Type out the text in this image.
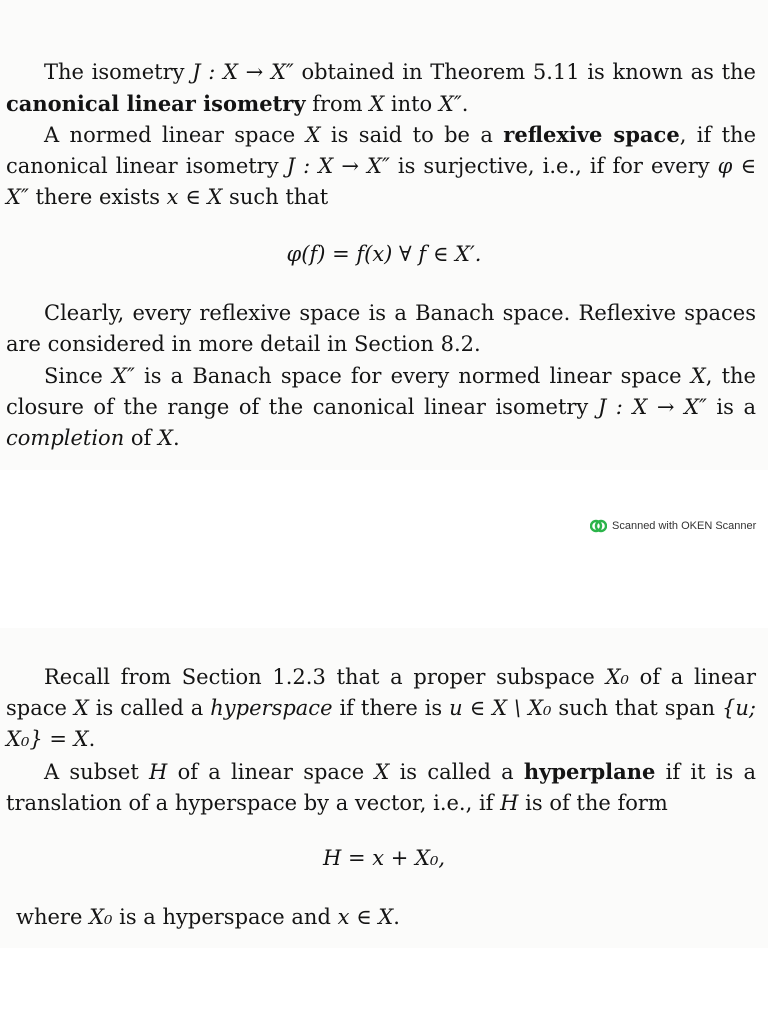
The isometry J : X → X″ obtained in Theorem 5.11 is known as the canonical linear isometry from X into X″.

A normed linear space X is said to be a reflexive space, if the canonical linear isometry J : X → X″ is surjective, i.e., if for every φ ∈ X″ there exists x ∈ X such that

φ(f) = f(x) ∀ f ∈ X′.

Clearly, every reflexive space is a Banach space. Reflexive spaces are considered in more detail in Section 8.2.

Since X″ is a Banach space for every normed linear space X, the closure of the range of the canonical linear isometry J : X → X″ is a completion of X.

Scanned with OKEN Scanner

Recall from Section 1.2.3 that a proper subspace X₀ of a linear space X is called a hyperspace if there is u ∈ X \ X₀ such that span {u; X₀} = X.

A subset H of a linear space X is called a hyperplane if it is a translation of a hyperspace by a vector, i.e., if H is of the form

H = x + X₀,

where X₀ is a hyperspace and x ∈ X.
